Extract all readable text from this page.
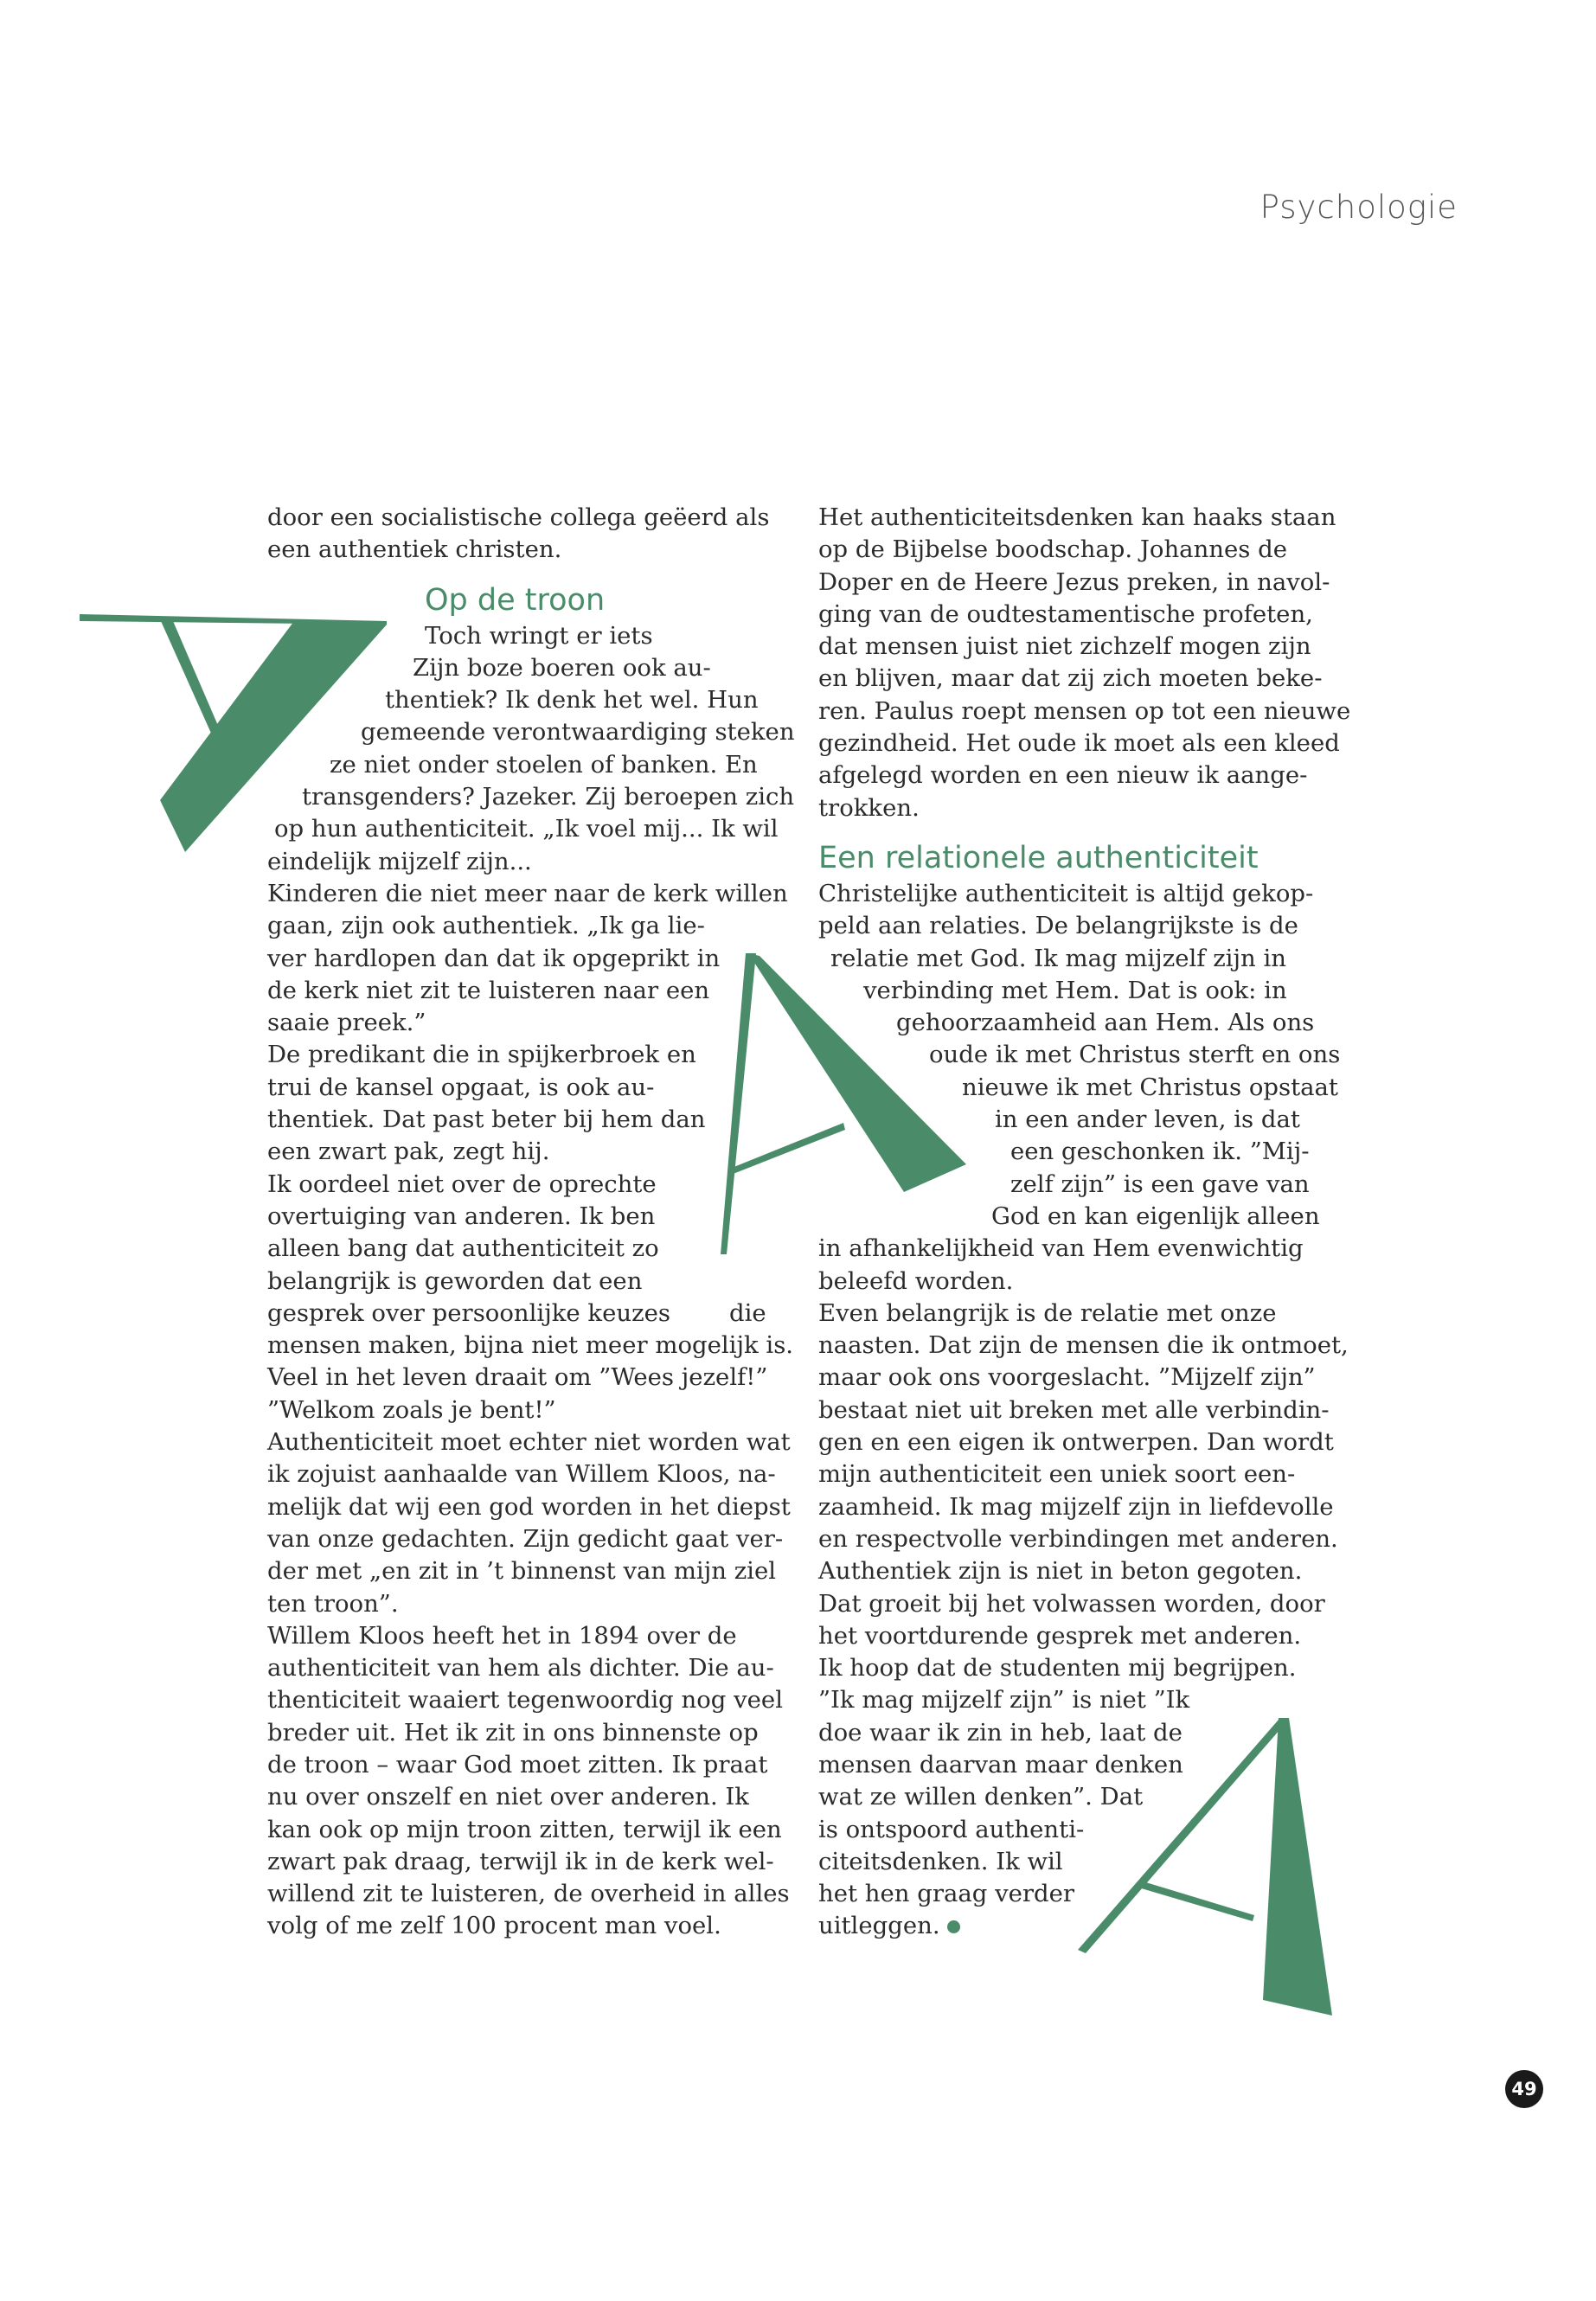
Psychologie
door een socialistische collega geëerd als
een authentiek christen.
Op de troon
Toch wringt er iets
Zijn boze boeren ook au-
thentiek? Ik denk het wel. Hun
gemeende verontwaardiging steken
ze niet onder stoelen of banken. En
transgenders? Jazeker. Zij beroepen zich
op hun authenticiteit. „Ik voel mij... Ik wil
eindelijk mijzelf zijn...
Kinderen die niet meer naar de kerk willen
gaan, zijn ook authentiek. „Ik ga lie-
ver hardlopen dan dat ik opgeprikt in
de kerk niet zit te luisteren naar een
saaie preek.”
De predikant die in spijkerbroek en
trui de kansel opgaat, is ook au-
thentiek. Dat past beter bij hem dan
een zwart pak, zegt hij.
Ik oordeel niet over de oprechte
overtuiging van anderen. Ik ben
alleen bang dat authenticiteit zo
belangrijk is geworden dat een
gesprek over persoonlijke keuzes die
mensen maken, bijna niet meer mogelijk is.
Veel in het leven draait om ”Wees jezelf!”
”Welkom zoals je bent!”
Authenticiteit moet echter niet worden wat
ik zojuist aanhaalde van Willem Kloos, na-
melijk dat wij een god worden in het diepst
van onze gedachten. Zijn gedicht gaat ver-
der met „en zit in ’t binnenst van mijn ziel
ten troon”.
Willem Kloos heeft het in 1894 over de
authenticiteit van hem als dichter. Die au-
thenticiteit waaiert tegenwoordig nog veel
breder uit. Het ik zit in ons binnenste op
de troon – waar God moet zitten. Ik praat
nu over onszelf en niet over anderen. Ik
kan ook op mijn troon zitten, terwijl ik een
zwart pak draag, terwijl ik in de kerk wel-
willend zit te luisteren, de overheid in alles
volg of me zelf 100 procent man voel.
Het authenticiteitsdenken kan haaks staan
op de Bijbelse boodschap. Johannes de
Doper en de Heere Jezus preken, in navol-
ging van de oudtestamentische profeten,
dat mensen juist niet zichzelf mogen zijn
en blijven, maar dat zij zich moeten beke-
ren. Paulus roept mensen op tot een nieuwe
gezindheid. Het oude ik moet als een kleed
afgelegd worden en een nieuw ik aange-
trokken.
Een relationele authenticiteit
Christelijke authenticiteit is altijd gekop-
peld aan relaties. De belangrijkste is de
relatie met God. Ik mag mijzelf zijn in
verbinding met Hem. Dat is ook: in
gehoorzaamheid aan Hem. Als ons
oude ik met Christus sterft en ons
nieuwe ik met Christus opstaat
in een ander leven, is dat
een geschonken ik. ”Mij-
zelf zijn” is een gave van
God en kan eigenlijk alleen
in afhankelijkheid van Hem evenwichtig
beleefd worden.
Even belangrijk is de relatie met onze
naasten. Dat zijn de mensen die ik ontmoet,
maar ook ons voorgeslacht. ”Mijzelf zijn”
bestaat niet uit breken met alle verbindin-
gen en een eigen ik ontwerpen. Dan wordt
mijn authenticiteit een uniek soort een-
zaamheid. Ik mag mijzelf zijn in liefdevolle
en respectvolle verbindingen met anderen.
Authentiek zijn is niet in beton gegoten.
Dat groeit bij het volwassen worden, door
het voortdurende gesprek met anderen.
Ik hoop dat de studenten mij begrijpen.
”Ik mag mijzelf zijn” is niet ”Ik
doe waar ik zin in heb, laat de
mensen daarvan maar denken
wat ze willen denken”. Dat
is ontspoord authenti-
citeitsdenken. Ik wil
het hen graag verder
uitleggen.
49
